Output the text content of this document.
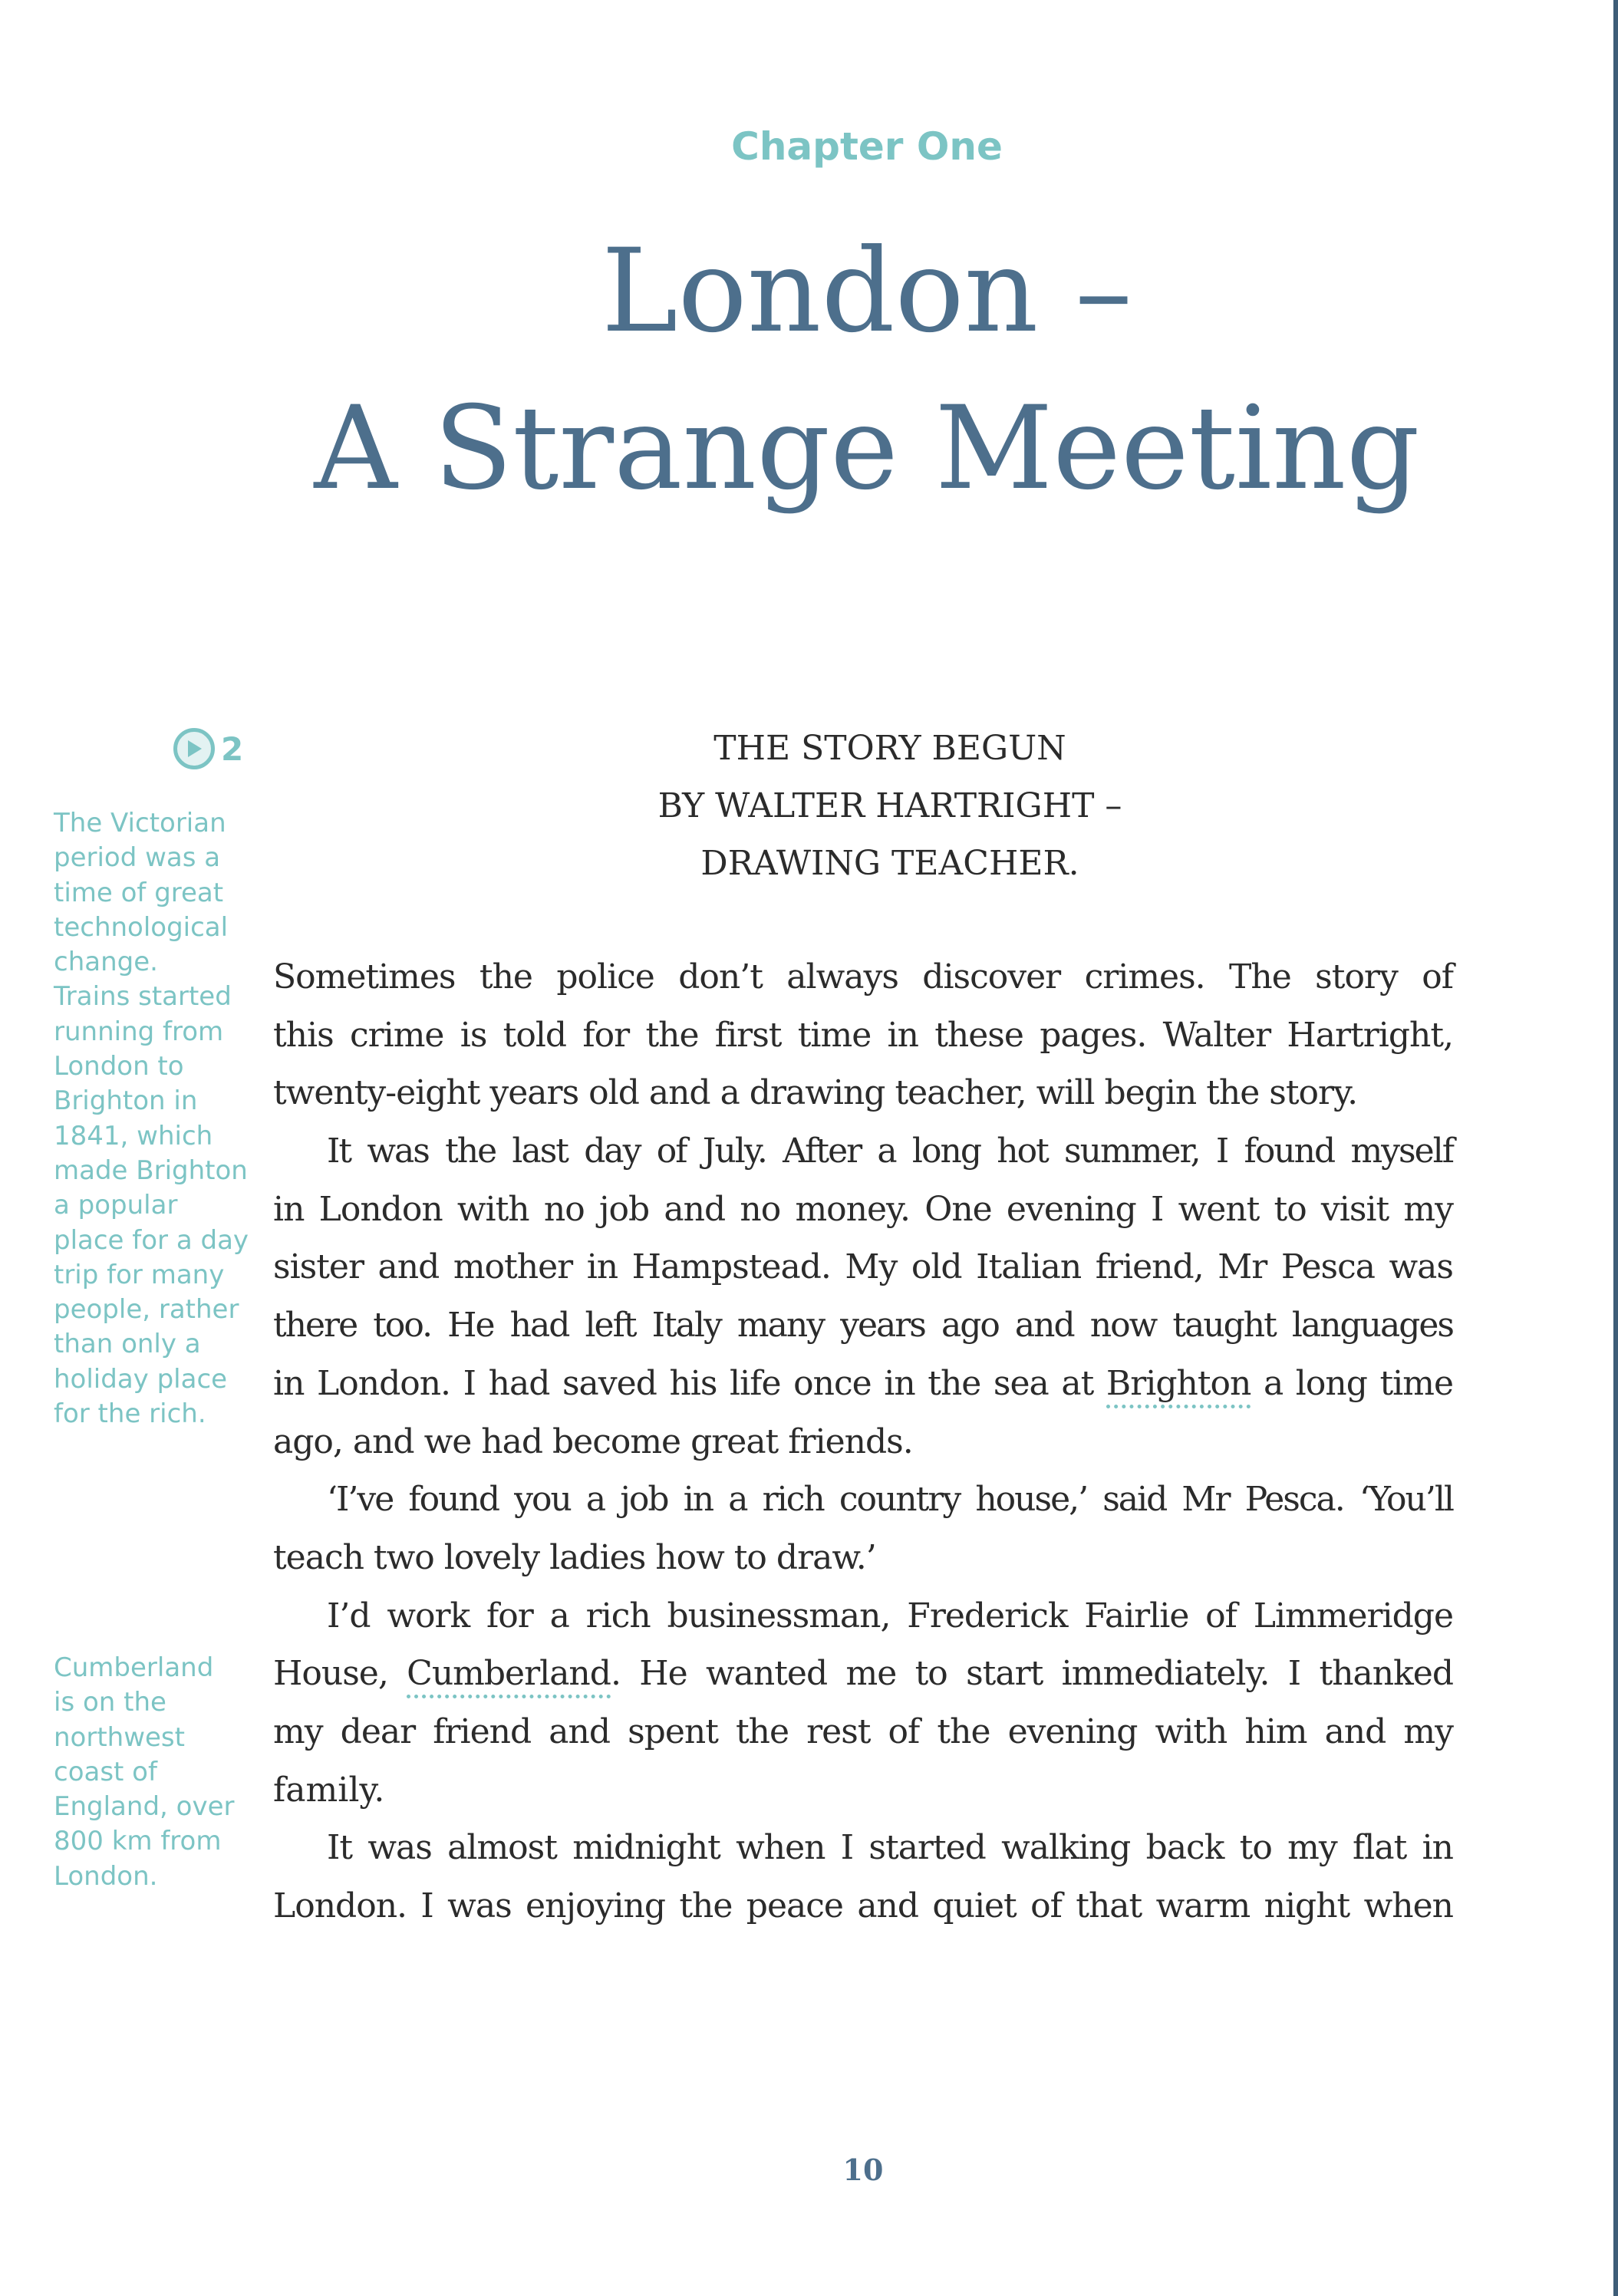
Chapter One
London –
A Strange Meeting
2
The Victorian
period was a
time of great
technological
change.
Trains started
running from
London to
Brighton in
1841, which
made Brighton
a popular
place for a day
trip for many
people, rather
than only a
holiday place
for the rich.
Cumberland
is on the
northwest
coast of
England, over
800 km from
London.
THE STORY BEGUN
BY WALTER HARTRIGHT –
DRAWING TEACHER.
Sometimes the police don’t always discover crimes. The story of
this crime is told for the first time in these pages. Walter Hartright,
twenty-eight years old and a drawing teacher, will begin the story.
It was the last day of July. After a long hot summer, I found myself
in London with no job and no money. One evening I went to visit my
sister and mother in Hampstead. My old Italian friend, Mr Pesca was
there too. He had left Italy many years ago and now taught languages
in London. I had saved his life once in the sea at Brighton a long time
ago, and we had become great friends.
‘I’ve found you a job in a rich country house,’ said Mr Pesca. ‘You’ll
teach two lovely ladies how to draw.’
I’d work for a rich businessman, Frederick Fairlie of Limmeridge
House, Cumberland. He wanted me to start immediately. I thanked
my dear friend and spent the rest of the evening with him and my
family.
It was almost midnight when I started walking back to my flat in
London. I was enjoying the peace and quiet of that warm night when
10
